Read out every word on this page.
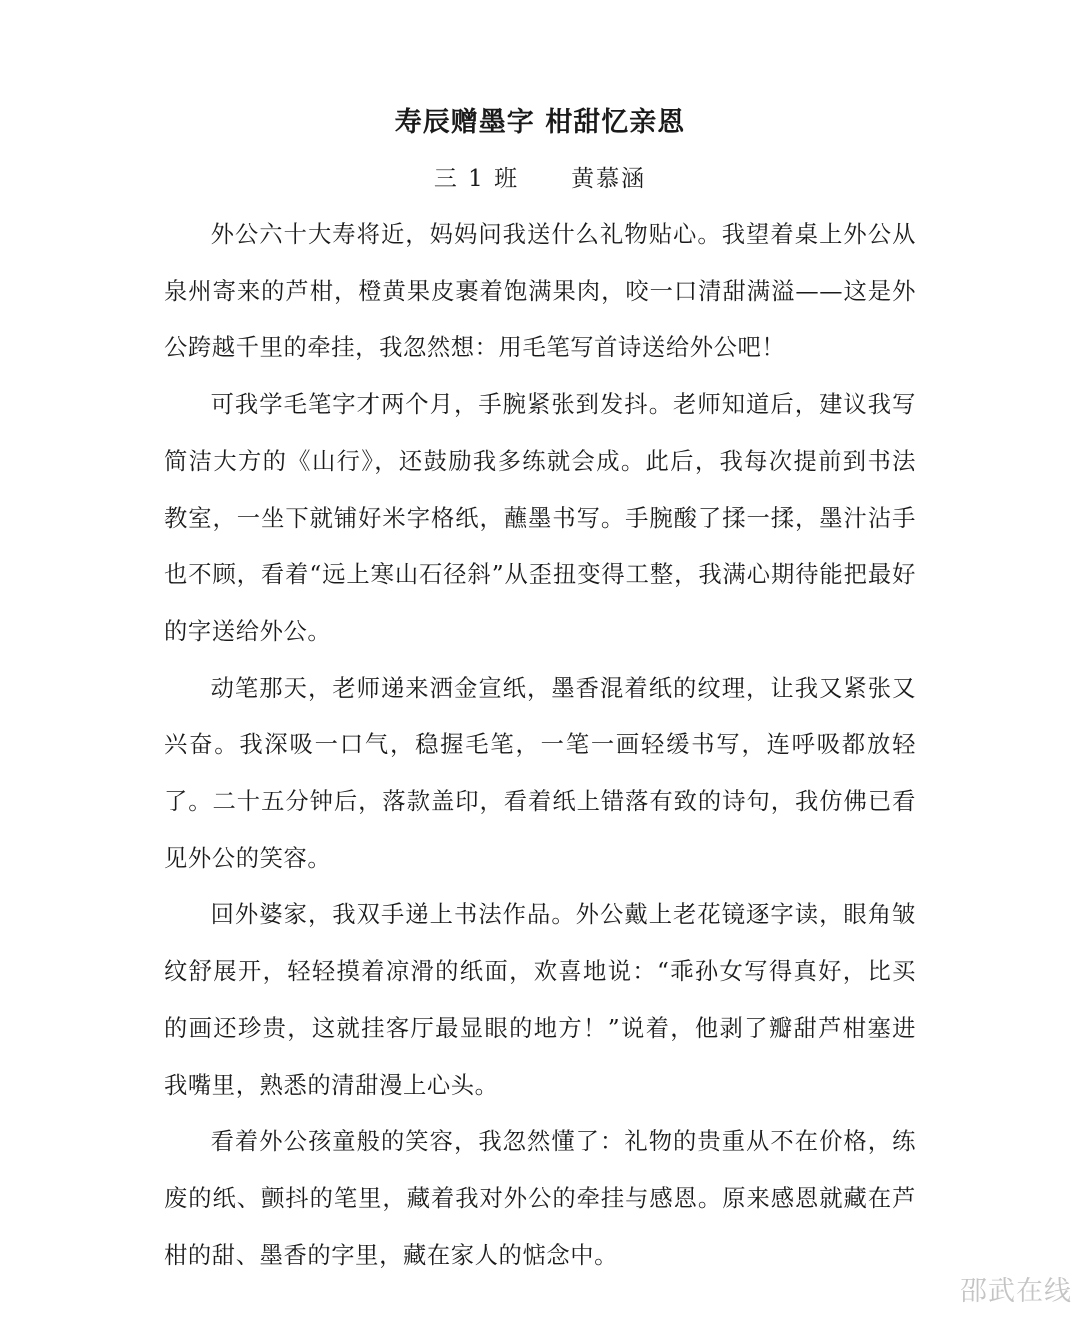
寿辰赠墨字 柑甜忆亲恩

三 1 班 黄慕涵

外公六十大寿将近，妈妈问我送什么礼物贴心。我望着桌上外公从泉州寄来的芦柑，橙黄果皮裹着饱满果肉，咬一口清甜满溢——这是外公跨越千里的牵挂，我忽然想：用毛笔写首诗送给外公吧！

可我学毛笔字才两个月，手腕紧张到发抖。老师知道后，建议我写简洁大方的《山行》，还鼓励我多练就会成。此后，我每次提前到书法教室，一坐下就铺好米字格纸，蘸墨书写。手腕酸了揉一揉，墨汁沾手也不顾，看着“远上寒山石径斜”从歪扭变得工整，我满心期待能把最好的字送给外公。

动笔那天，老师递来洒金宣纸，墨香混着纸的纹理，让我又紧张又兴奋。我深吸一口气，稳握毛笔，一笔一画轻缓书写，连呼吸都放轻了。二十五分钟后，落款盖印，看着纸上错落有致的诗句，我仿佛已看见外公的笑容。

回外婆家，我双手递上书法作品。外公戴上老花镜逐字读，眼角皱纹舒展开，轻轻摸着凉滑的纸面，欢喜地说：“乖孙女写得真好，比买的画还珍贵，这就挂客厅最显眼的地方！”说着，他剥了瓣甜芦柑塞进我嘴里，熟悉的清甜漫上心头。

看着外公孩童般的笑容，我忽然懂了：礼物的贵重从不在价格，练废的纸、颤抖的笔里，藏着我对外公的牵挂与感恩。原来感恩就藏在芦柑的甜、墨香的字里，藏在家人的惦念中。

邵武在线
